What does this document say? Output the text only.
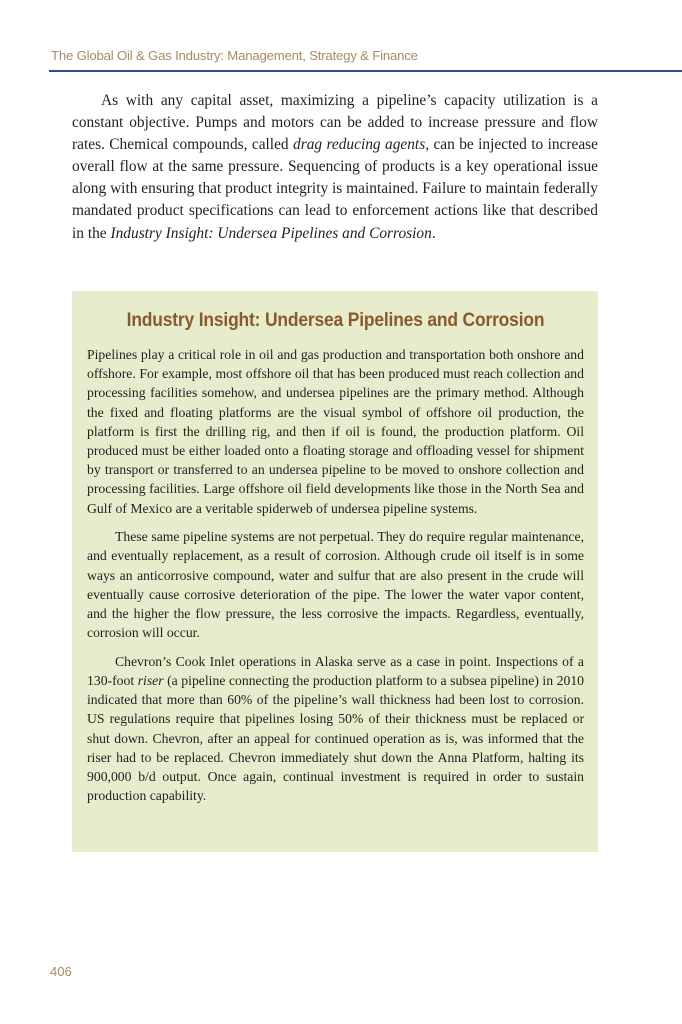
The Global Oil & Gas Industry: Management, Strategy & Finance

As with any capital asset, maximizing a pipeline’s capacity utilization is a constant objective. Pumps and motors can be added to increase pressure and flow rates. Chemical compounds, called drag reducing agents, can be injected to increase overall flow at the same pressure. Sequencing of products is a key operational issue along with ensuring that product integrity is maintained. Failure to maintain federally mandated product specifications can lead to enforcement actions like that described in the Industry Insight: Undersea Pipelines and Corrosion.

Industry Insight: Undersea Pipelines and Corrosion

Pipelines play a critical role in oil and gas production and transportation both onshore and offshore. For example, most offshore oil that has been produced must reach collection and processing facilities somehow, and undersea pipelines are the primary method. Although the fixed and floating platforms are the visual symbol of offshore oil production, the platform is first the drilling rig, and then if oil is found, the production platform. Oil produced must be either loaded onto a floating storage and offloading vessel for shipment by transport or transferred to an undersea pipeline to be moved to onshore collection and processing facilities. Large offshore oil field developments like those in the North Sea and Gulf of Mexico are a veritable spiderweb of undersea pipeline systems.

These same pipeline systems are not perpetual. They do require regular maintenance, and eventually replacement, as a result of corrosion. Although crude oil itself is in some ways an anticorrosive compound, water and sulfur that are also present in the crude will eventually cause corrosive deterioration of the pipe. The lower the water vapor content, and the higher the flow pressure, the less corrosive the impacts. Regardless, eventually, corrosion will occur.

Chevron’s Cook Inlet operations in Alaska serve as a case in point. Inspections of a 130-foot riser (a pipeline connecting the production platform to a subsea pipeline) in 2010 indicated that more than 60% of the pipeline’s wall thickness had been lost to corrosion. US regulations require that pipelines losing 50% of their thickness must be replaced or shut down. Chevron, after an appeal for continued operation as is, was informed that the riser had to be replaced. Chevron immediately shut down the Anna Platform, halting its 900,000 b/d output. Once again, continual investment is required in order to sustain production capability.

406
